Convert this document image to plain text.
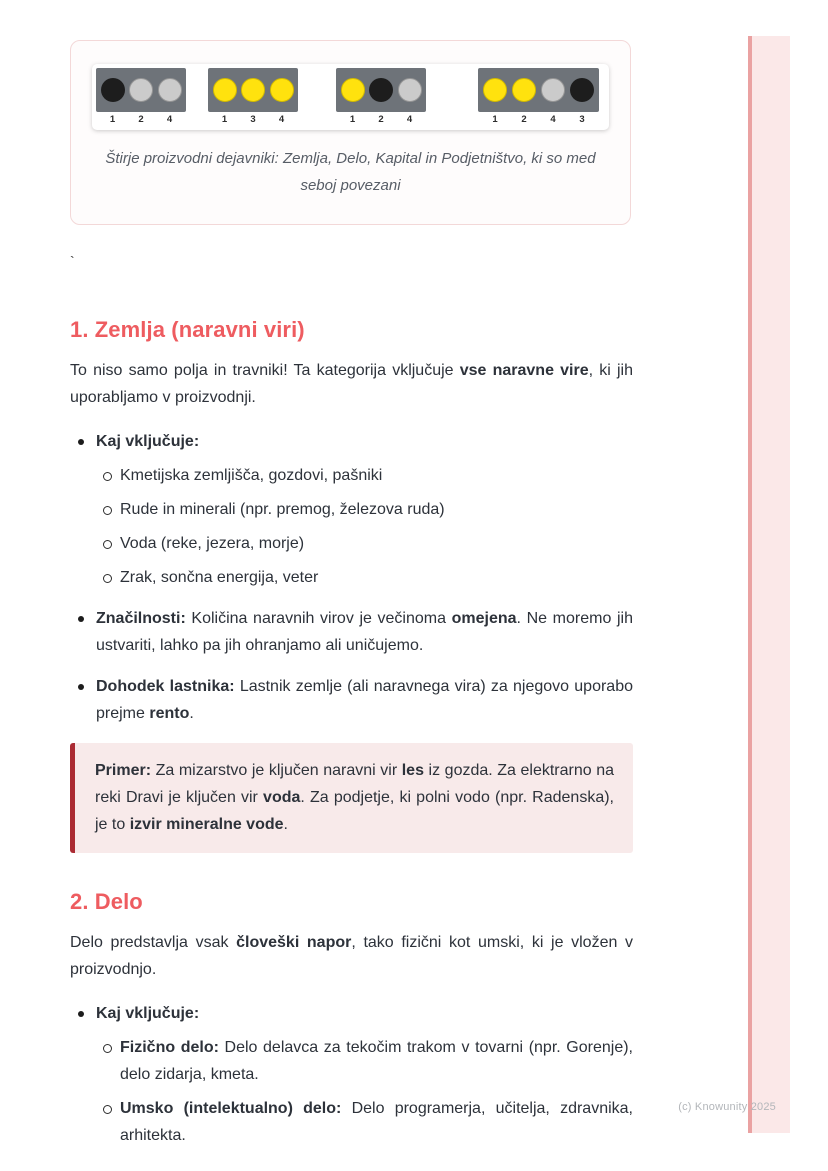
(c) Knowunity 2025
1	2	4	1	3	4	1	2	4	1	2	4	3
Štirje proizvodni dejavniki: Zemlja, Delo, Kapital in Podjetništvo, ki so med seboj povezani
`
1. Zemlja (naravni viri)

To niso samo polja in travniki! Ta kategorija vključuje vse naravne vire, ki jih uporabljamo v proizvodnji.

Kaj vključuje:
Kmetijska zemljišča, gozdovi, pašniki
Rude in minerali (npr. premog, železova ruda)
Voda (reke, jezera, morje)
Zrak, sončna energija, veter
Značilnosti: Količina naravnih virov je večinoma omejena. Ne moremo jih ustvariti, lahko pa jih ohranjamo ali uničujemo.
Dohodek lastnika: Lastnik zemlje (ali naravnega vira) za njegovo uporabo prejme rento.

Primer: Za mizarstvo je ključen naravni vir les iz gozda. Za elektrarno na reki Dravi je ključen vir voda. Za podjetje, ki polni vodo (npr. Radenska), je to izvir mineralne vode.

2. Delo

Delo predstavlja vsak človeški napor, tako fizični kot umski, ki je vložen v proizvodnjo.

Kaj vključuje:
Fizično delo: Delo delavca za tekočim trakom v tovarni (npr. Gorenje), delo zidarja, kmeta.
Umsko (intelektualno) delo: Delo programerja, učitelja, zdravnika, arhitekta.
